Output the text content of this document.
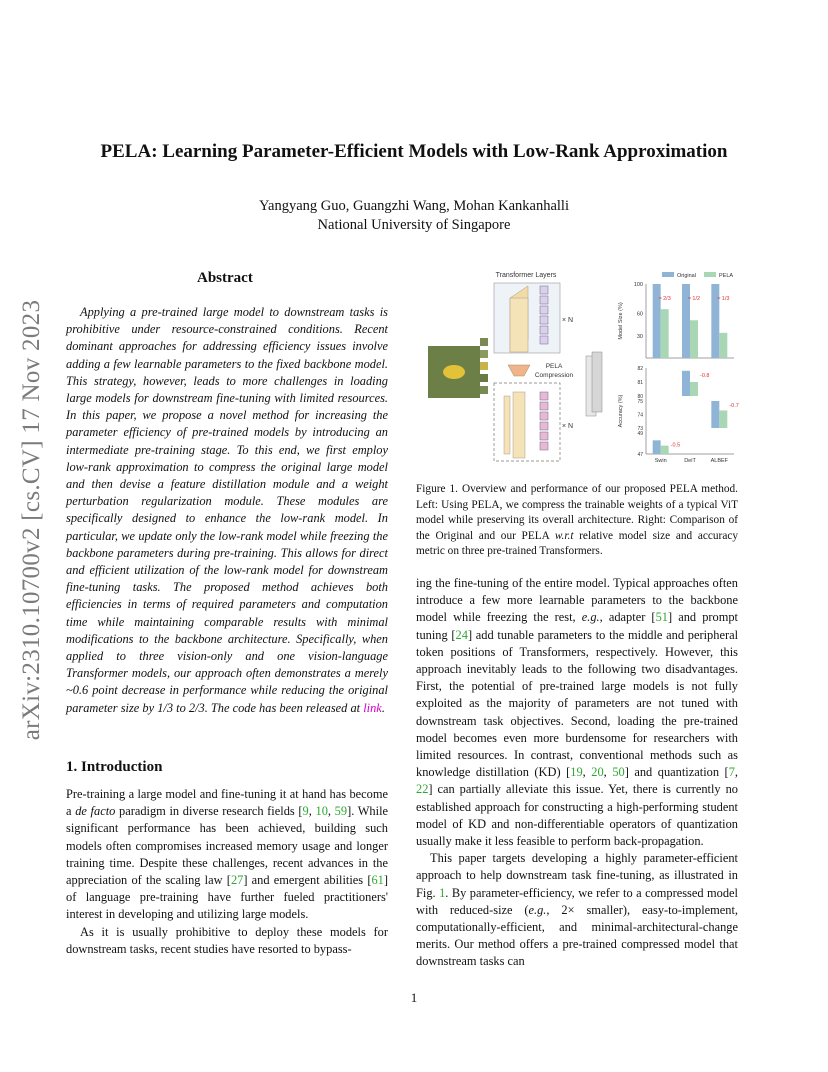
PELA: Learning Parameter-Efficient Models with Low-Rank Approximation
Yangyang Guo, Guangzhi Wang, Mohan Kankanhalli
National University of Singapore
arXiv:2310.10700v2 [cs.CV] 17 Nov 2023
Abstract

Applying a pre-trained large model to downstream tasks is prohibitive under resource-constrained conditions. Recent dominant approaches for addressing efficiency issues involve adding a few learnable parameters to the fixed backbone model. This strategy, however, leads to more challenges in loading large models for downstream fine-tuning with limited resources. In this paper, we propose a novel method for increasing the parameter efficiency of pre-trained models by introducing an intermediate pre-training stage. To this end, we first employ low-rank approximation to compress the original large model and then devise a feature distillation module and a weight perturbation regularization module. These modules are specifically designed to enhance the low-rank model. In particular, we update only the low-rank model while freezing the backbone parameters during pre-training. This allows for direct and efficient utilization of the low-rank model for downstream fine-tuning tasks. The proposed method achieves both efficiencies in terms of required parameters and computation time while maintaining comparable results with minimal modifications to the backbone architecture. Specifically, when applied to three vision-only and one vision-language Transformer models, our approach often demonstrates a merely ~0.6 point decrease in performance while reducing the original parameter size by 1/3 to 2/3. The code has been released at link.

1. Introduction

Pre-training a large model and fine-tuning it at hand has become a de facto paradigm in diverse research fields [9, 10, 59]. While significant performance has been achieved, building such models often compromises increased memory usage and longer training time. Despite these challenges, recent advances in the appreciation of the scaling law [27] and emergent abilities [61] of language pre-training have further fueled practitioners' interest in developing and utilizing large models.

As it is usually prohibitive to deploy these models for downstream tasks, recent studies have resorted to bypass-

Transformer Layers
× N
PELA
Compression
× N
100
60
30
Model Size (%)
≈ 2/3	≈ 1/2	≈ 1/3
82
81
80
75
74
73
49
47
Accuracy (%)
-0.5
Swin
-0.8
DeiT
-0.7
ALBEF
Original	PELA
Figure 1. Overview and performance of our proposed PELA method. Left: Using PELA, we compress the trainable weights of a typical ViT model while preserving its overall architecture. Right: Comparison of the Original and our PELA w.r.t relative model size and accuracy metric on three pre-trained Transformers.

ing the fine-tuning of the entire model. Typical approaches often introduce a few more learnable parameters to the backbone model while freezing the rest, e.g., adapter [51] and prompt tuning [24] add tunable parameters to the middle and peripheral token positions of Transformers, respectively. However, this approach inevitably leads to the following two disadvantages. First, the potential of pre-trained large models is not fully exploited as the majority of parameters are not tuned with downstream task objectives. Second, loading the pre-trained model becomes even more burdensome for researchers with limited resources. In contrast, conventional methods such as knowledge distillation (KD) [19, 20, 50] and quantization [7, 22] can partially alleviate this issue. Yet, there is currently no established approach for constructing a high-performing student model of KD and non-differentiable operators of quantization usually make it less feasible to perform back-propagation.

This paper targets developing a highly parameter-efficient approach to help downstream task fine-tuning, as illustrated in Fig. 1. By parameter-efficiency, we refer to a compressed model with reduced-size (e.g., 2× smaller), easy-to-implement, computationally-efficient, and minimal-architectural-change merits. Our method offers a pre-trained compressed model that downstream tasks can

1
